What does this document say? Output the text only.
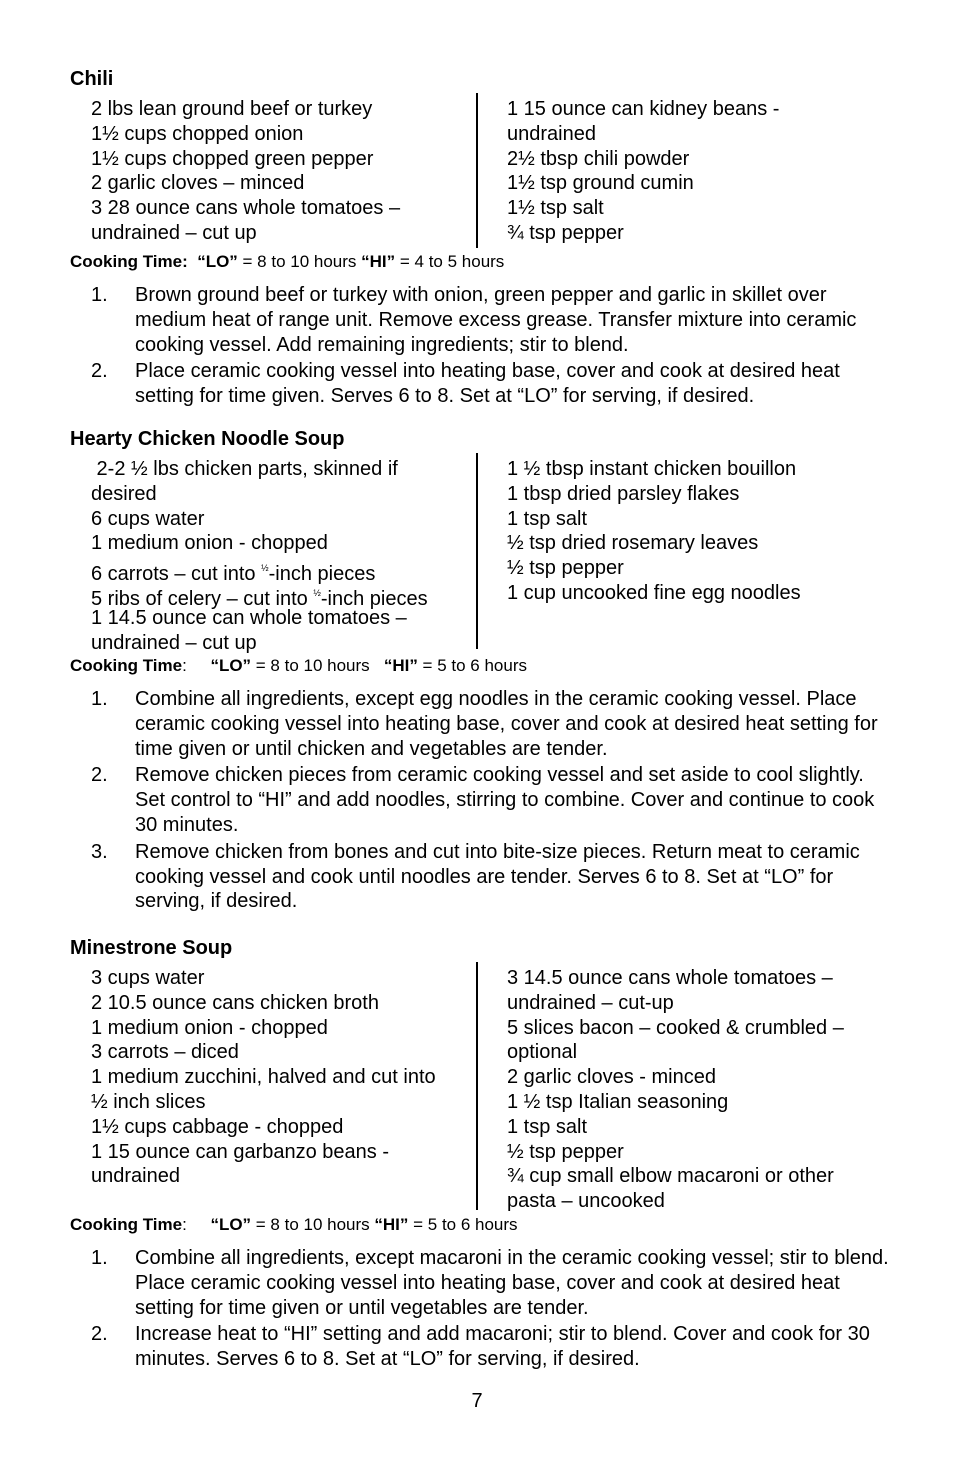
Chili
2 lbs lean ground beef or turkey
1½ cups chopped onion
1½ cups chopped green pepper
2 garlic cloves – minced
3 28 ounce cans whole tomatoes –
undrained – cut up
1 15 ounce can kidney beans -
undrained
2½ tbsp chili powder
1½ tsp ground cumin
1½ tsp salt
¾ tsp pepper
Cooking Time: “LO” = 8 to 10 hours “HI” = 4 to 5 hours
1. Brown ground beef or turkey with onion, green pepper and garlic in skillet over medium heat of range unit. Remove excess grease. Transfer mixture into ceramic cooking vessel. Add remaining ingredients; stir to blend.
2. Place ceramic cooking vessel into heating base, cover and cook at desired heat setting for time given. Serves 6 to 8. Set at “LO” for serving, if desired.
Hearty Chicken Noodle Soup
2-2 ½ lbs chicken parts, skinned if
desired
6 cups water
1 medium onion - chopped
6 carrots – cut into $^{\frac{1}{2}}$-inch pieces
5 ribs of celery – cut into $^{\frac{1}{2}}$-inch pieces
1 14.5 ounce can whole tomatoes –
undrained – cut up
1 ½ tbsp instant chicken bouillon
1 tbsp dried parsley flakes
1 tsp salt
½ tsp dried rosemary leaves
½ tsp pepper
1 cup uncooked fine egg noodles
Cooking Time:     “LO” = 8 to 10 hours   “HI” = 5 to 6 hours
1. Combine all ingredients, except egg noodles in the ceramic cooking vessel. Place ceramic cooking vessel into heating base, cover and cook at desired heat setting for time given or until chicken and vegetables are tender.
2. Remove chicken pieces from ceramic cooking vessel and set aside to cool slightly. Set control to “HI” and add noodles, stirring to combine. Cover and continue to cook 30 minutes.
3. Remove chicken from bones and cut into bite-size pieces. Return meat to ceramic cooking vessel and cook until noodles are tender. Serves 6 to 8. Set at “LO” for serving, if desired.
Minestrone Soup
3 cups water
2 10.5 ounce cans chicken broth
1 medium onion - chopped
3 carrots – diced
1 medium zucchini, halved and cut into
½ inch slices
1½ cups cabbage - chopped
1 15 ounce can garbanzo beans -
undrained
3 14.5 ounce cans whole tomatoes –
undrained – cut-up
5 slices bacon – cooked & crumbled –
optional
2 garlic cloves - minced
1 ½ tsp Italian seasoning
1 tsp salt
½ tsp pepper
¾ cup small elbow macaroni or other
pasta – uncooked
Cooking Time:     “LO” = 8 to 10 hours “HI” = 5 to 6 hours
1. Combine all ingredients, except macaroni in the ceramic cooking vessel; stir to blend. Place ceramic cooking vessel into heating base, cover and cook at desired heat setting for time given or until vegetables are tender.
2. Increase heat to “HI” setting and add macaroni; stir to blend. Cover and cook for 30 minutes. Serves 6 to 8. Set at “LO” for serving, if desired.
7
